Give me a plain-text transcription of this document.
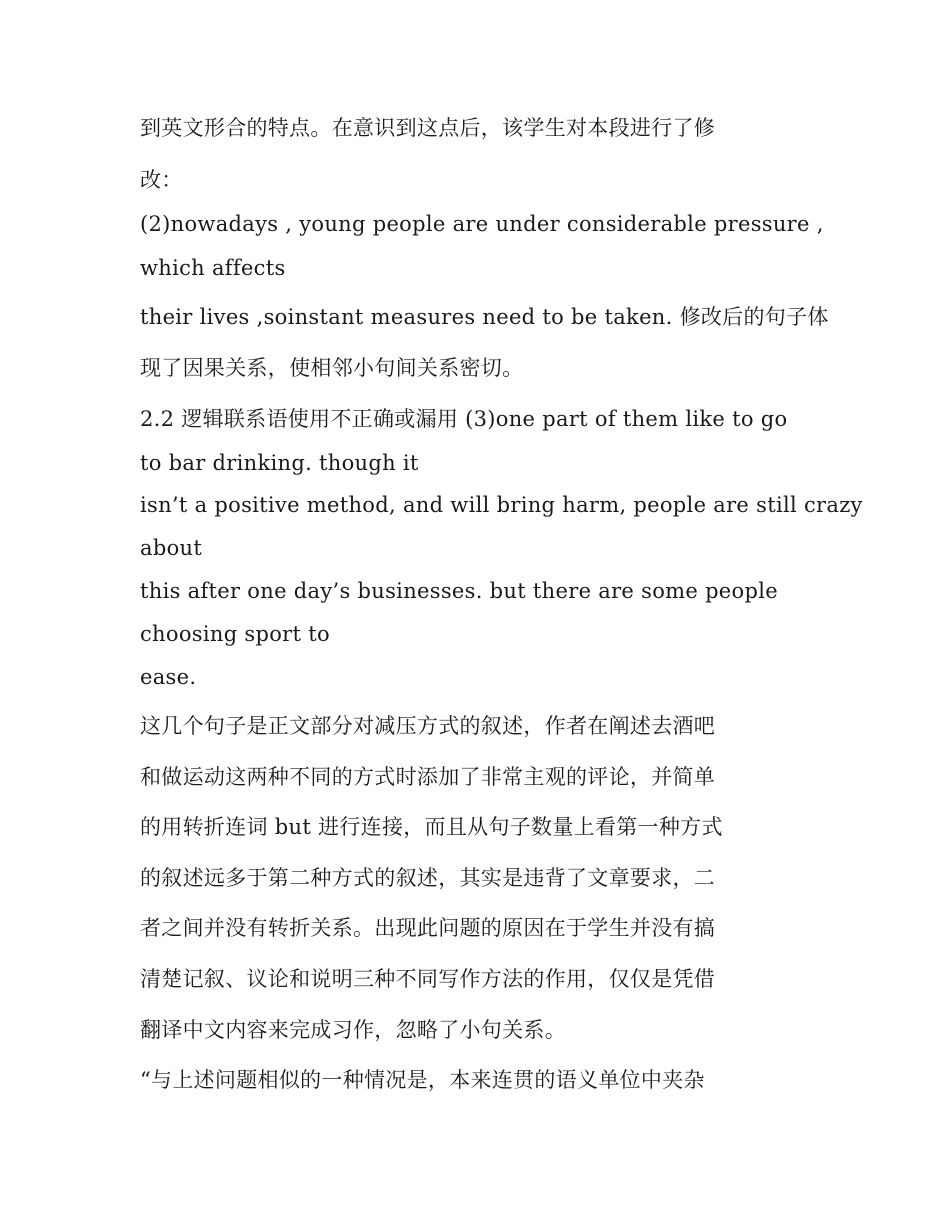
到英文形合的特点。在意识到这点后，该学生对本段进行了修
改：
(2)nowadays , young people are under considerable pressure ,
which affects
their lives ,soinstant measures need to be taken. 修改后的句子体
现了因果关系，使相邻小句间关系密切。
2.2 逻辑联系语使用不正确或漏用 (3)one part of them like to go
to bar drinking. though it
isn’t a positive method, and will bring harm, people are still crazy
about
this after one day’s businesses. but there are some people
choosing sport to
ease.
这几个句子是正文部分对减压方式的叙述，作者在阐述去酒吧
和做运动这两种不同的方式时添加了非常主观的评论，并简单
的用转折连词 but 进行连接，而且从句子数量上看第一种方式
的叙述远多于第二种方式的叙述，其实是违背了文章要求，二
者之间并没有转折关系。出现此问题的原因在于学生并没有搞
清楚记叙、议论和说明三种不同写作方法的作用，仅仅是凭借
翻译中文内容来完成习作，忽略了小句关系。
“与上述问题相似的一种情况是，本来连贯的语义单位中夹杂
